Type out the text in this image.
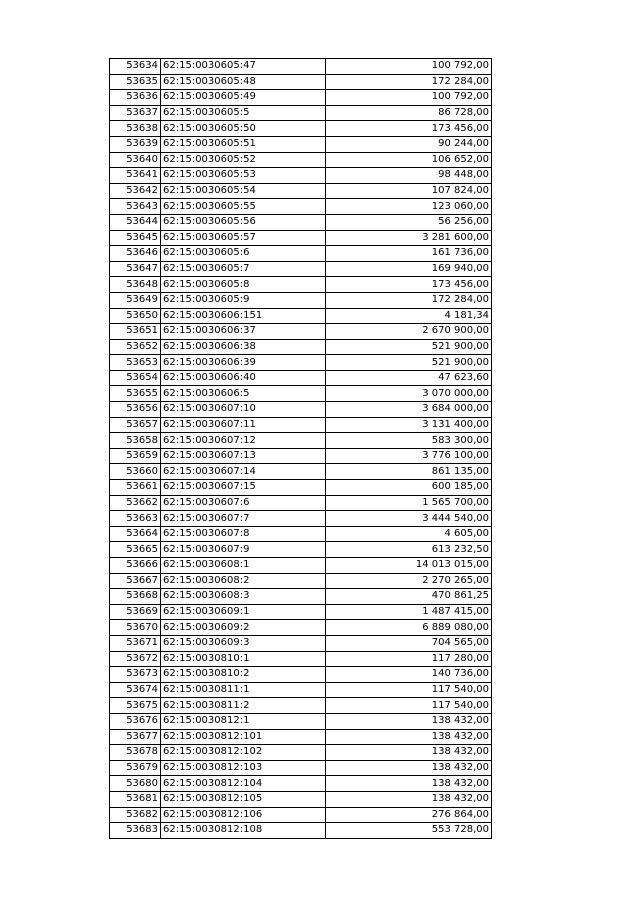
53634	62:15:0030605:47	100 792,00
53635	62:15:0030605:48	172 284,00
53636	62:15:0030605:49	100 792,00
53637	62:15:0030605:5	86 728,00
53638	62:15:0030605:50	173 456,00
53639	62:15:0030605:51	90 244,00
53640	62:15:0030605:52	106 652,00
53641	62:15:0030605:53	98 448,00
53642	62:15:0030605:54	107 824,00
53643	62:15:0030605:55	123 060,00
53644	62:15:0030605:56	56 256,00
53645	62:15:0030605:57	3 281 600,00
53646	62:15:0030605:6	161 736,00
53647	62:15:0030605:7	169 940,00
53648	62:15:0030605:8	173 456,00
53649	62:15:0030605:9	172 284,00
53650	62:15:0030606:151	4 181,34
53651	62:15:0030606:37	2 670 900,00
53652	62:15:0030606:38	521 900,00
53653	62:15:0030606:39	521 900,00
53654	62:15:0030606:40	47 623,60
53655	62:15:0030606:5	3 070 000,00
53656	62:15:0030607:10	3 684 000,00
53657	62:15:0030607:11	3 131 400,00
53658	62:15:0030607:12	583 300,00
53659	62:15:0030607:13	3 776 100,00
53660	62:15:0030607:14	861 135,00
53661	62:15:0030607:15	600 185,00
53662	62:15:0030607:6	1 565 700,00
53663	62:15:0030607:7	3 444 540,00
53664	62:15:0030607:8	4 605,00
53665	62:15:0030607:9	613 232,50
53666	62:15:0030608:1	14 013 015,00
53667	62:15:0030608:2	2 270 265,00
53668	62:15:0030608:3	470 861,25
53669	62:15:0030609:1	1 487 415,00
53670	62:15:0030609:2	6 889 080,00
53671	62:15:0030609:3	704 565,00
53672	62:15:0030810:1	117 280,00
53673	62:15:0030810:2	140 736,00
53674	62:15:0030811:1	117 540,00
53675	62:15:0030811:2	117 540,00
53676	62:15:0030812:1	138 432,00
53677	62:15:0030812:101	138 432,00
53678	62:15:0030812:102	138 432,00
53679	62:15:0030812:103	138 432,00
53680	62:15:0030812:104	138 432,00
53681	62:15:0030812:105	138 432,00
53682	62:15:0030812:106	276 864,00
53683	62:15:0030812:108	553 728,00
